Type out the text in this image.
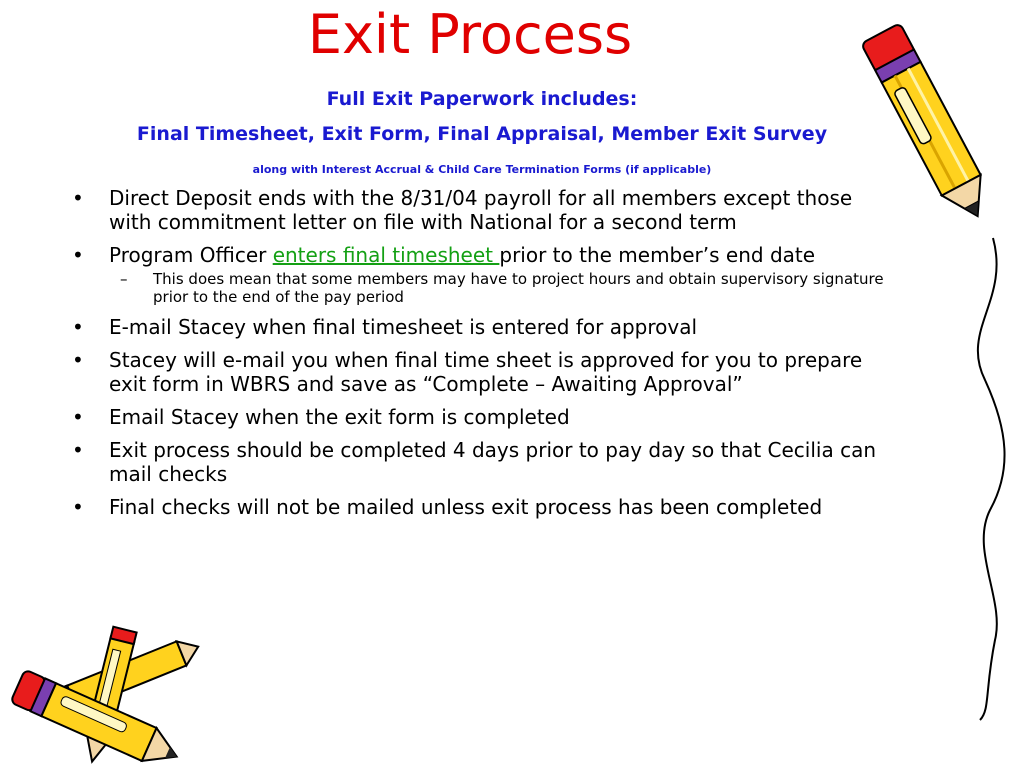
Exit Process
Full Exit Paperwork includes:
Final Timesheet, Exit Form, Final Appraisal, Member Exit Survey
along with Interest Accrual & Child Care Termination Forms (if applicable)
• Direct Deposit ends with the 8/31/04 payroll for all members except those with commitment letter on file with National for a second term
• Program Officer enters final timesheet prior to the member’s end date
– This does mean that some members may have to project hours and obtain supervisory signature prior to the end of the pay period
• E-mail Stacey when final timesheet is entered for approval
• Stacey will e-mail you when final time sheet is approved for you to prepare exit form in WBRS and save as “Complete – Awaiting Approval”
• Email Stacey when the exit form is completed
• Exit process should be completed 4 days prior to pay day so that Cecilia can mail checks
• Final checks will not be mailed unless exit process has been completed
